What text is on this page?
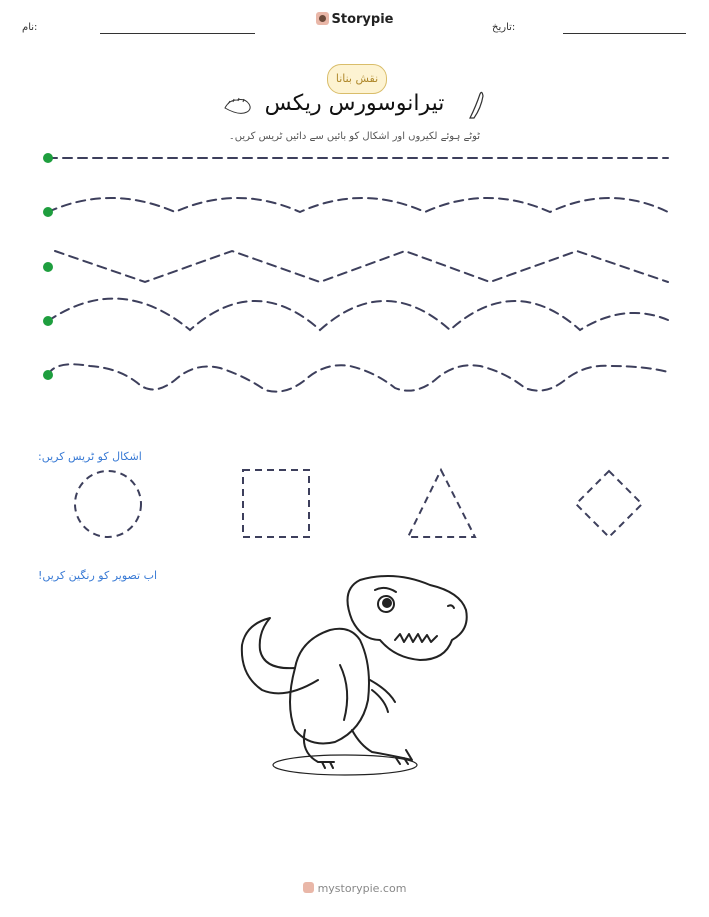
نام:
Storypie
تاریخ:
نقش بنانا
تیرانوسورس ریکس
ٹوٹے ہوئے لکیروں اور اشکال کو بائیں سے دائیں ٹریس کریں۔
اشکال کو ٹریس کریں:
اب تصویر کو رنگین کریں!
mystorypie.com
